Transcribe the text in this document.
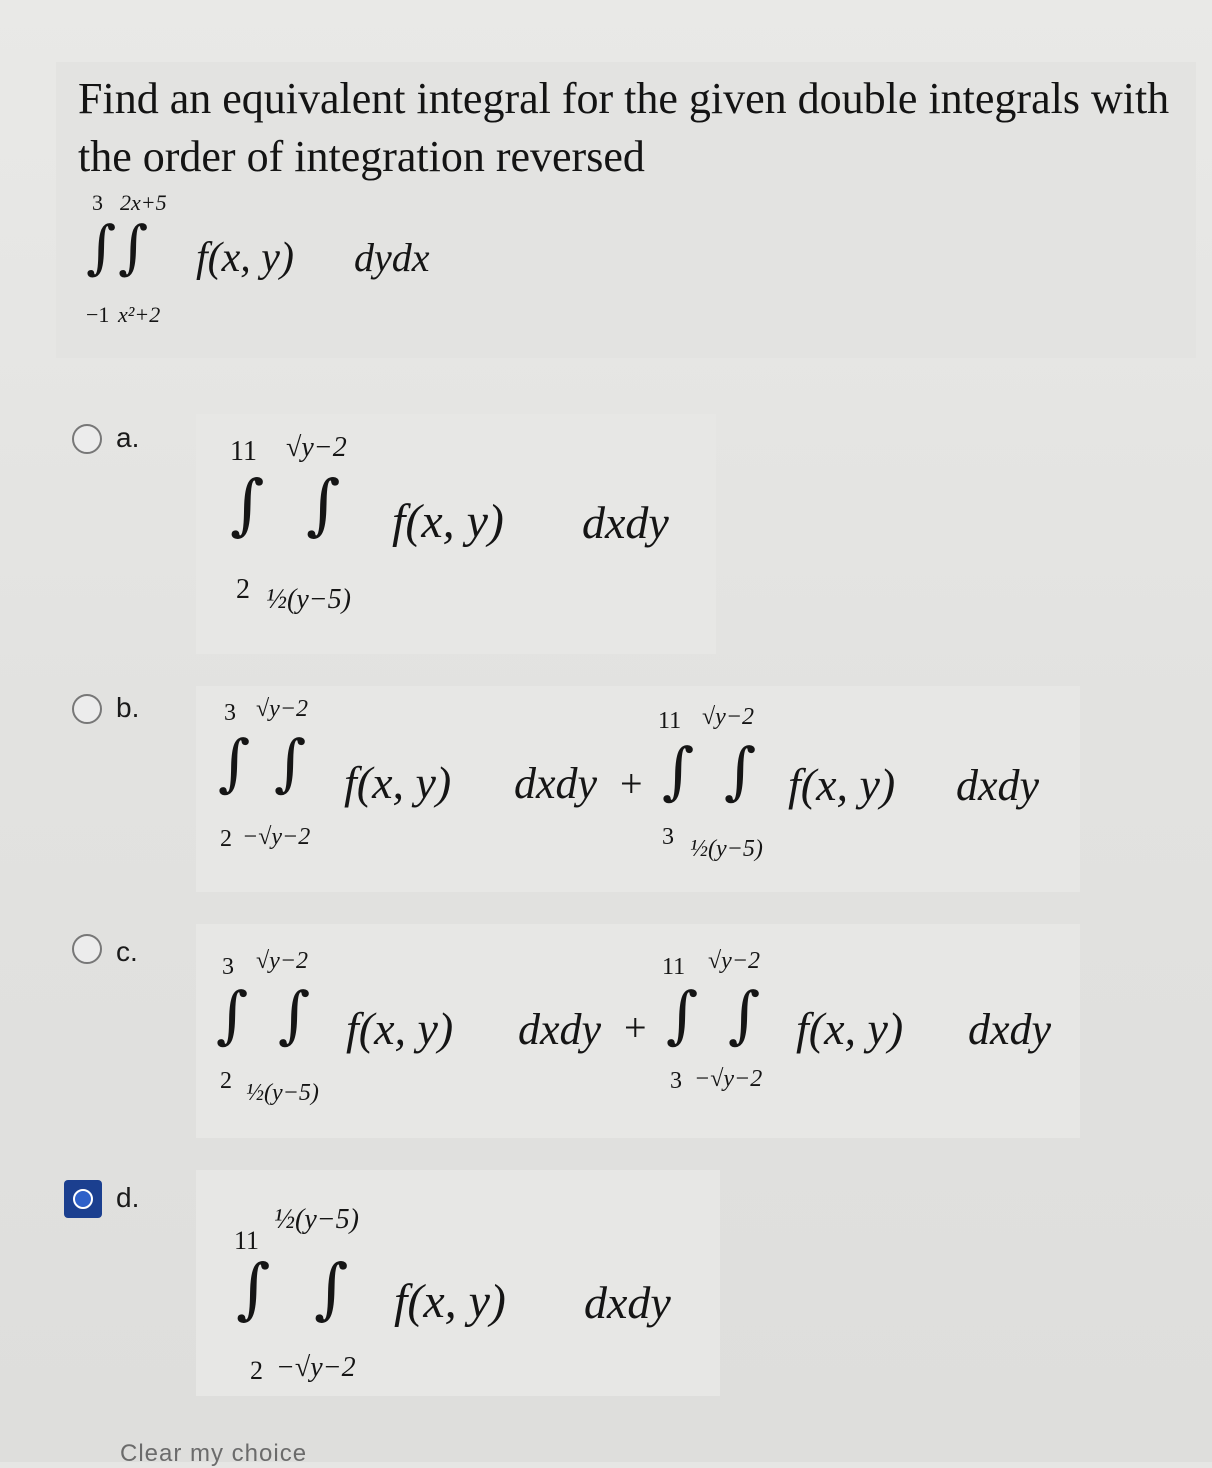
Find an equivalent integral for the given double integrals with the order of integration reversed
3 2x+5
∫ ∫ f(x, y) dydx
−1 x²+2
a.	11 √y−2
∫ ∫ f(x, y) dxdy
2 ½(y−5)
b.	3 √y−2
∫ ∫ f(x, y) dxdy
2 −√y−2
+
11 √y−2
∫ ∫ f(x, y) dxdy
3 ½(y−5)
c.	3 √y−2
∫ ∫ f(x, y) dxdy
2 ½(y−5)
+
11 √y−2
∫ ∫ f(x, y) dxdy
3 −√y−2
d.
11
½(y−5)
∫ ∫ f(x, y) dxdy
2 −√y−2
Clear my choice
